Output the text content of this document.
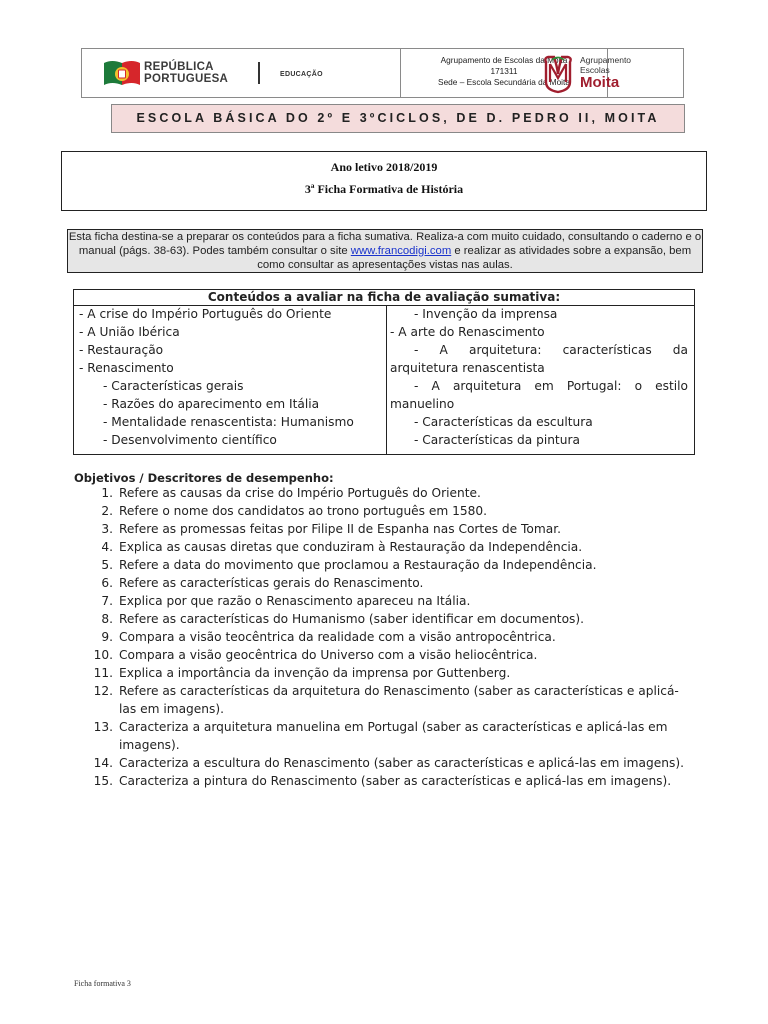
REPÚBLICA
PORTUGUESA	EDUCAÇÃO
Agrupamento de Escolas da Moita
171311
Sede – Escola Secundária da Moita
Agrupamento
Escolas
Moita
ESCOLA BÁSICA DO 2º E 3ºCICLOS, DE D. PEDRO II, MOITA
Ano letivo 2018/2019
3ª Ficha Formativa de História
Esta ficha destina-se a preparar os conteúdos para a ficha sumativa. Realiza-a com muito cuidado, consultando o caderno e o manual (págs. 38-63). Podes também consultar o site www.francodigi.com e realizar as atividades sobre a expansão, bem como consultar as apresentações vistas nas aulas.
Conteúdos a avaliar na ficha de avaliação sumativa:
- A crise do Império Português do Oriente
- A União Ibérica
- Restauração
- Renascimento
- Características gerais
- Razões do aparecimento em Itália
- Mentalidade renascentista: Humanismo
- Desenvolvimento científico
- Invenção da imprensa
- A arte do Renascimento
- A arquitetura: características da
arquitetura renascentista
- A arquitetura em Portugal: o estilo
manuelino
- Características da escultura
- Características da pintura
Objetivos / Descritores de desempenho:
1. Refere as causas da crise do Império Português do Oriente.
2. Refere o nome dos candidatos ao trono português em 1580.
3. Refere as promessas feitas por Filipe II de Espanha nas Cortes de Tomar.
4. Explica as causas diretas que conduziram à Restauração da Independência.
5. Refere a data do movimento que proclamou a Restauração da Independência.
6. Refere as características gerais do Renascimento.
7. Explica por que razão o Renascimento apareceu na Itália.
8. Refere as características do Humanismo (saber identificar em documentos).
9. Compara a visão teocêntrica da realidade com a visão antropocêntrica.
10. Compara a visão geocêntrica do Universo com a visão heliocêntrica.
11. Explica a importância da invenção da imprensa por Guttenberg.
12. Refere as características da arquitetura do Renascimento (saber as características e aplicá-las em imagens).
13. Caracteriza a arquitetura manuelina em Portugal (saber as características e aplicá-las em imagens).
14. Caracteriza a escultura do Renascimento (saber as características e aplicá-las em imagens).
15. Caracteriza a pintura do Renascimento (saber as características e aplicá-las em imagens).
Ficha formativa 3
